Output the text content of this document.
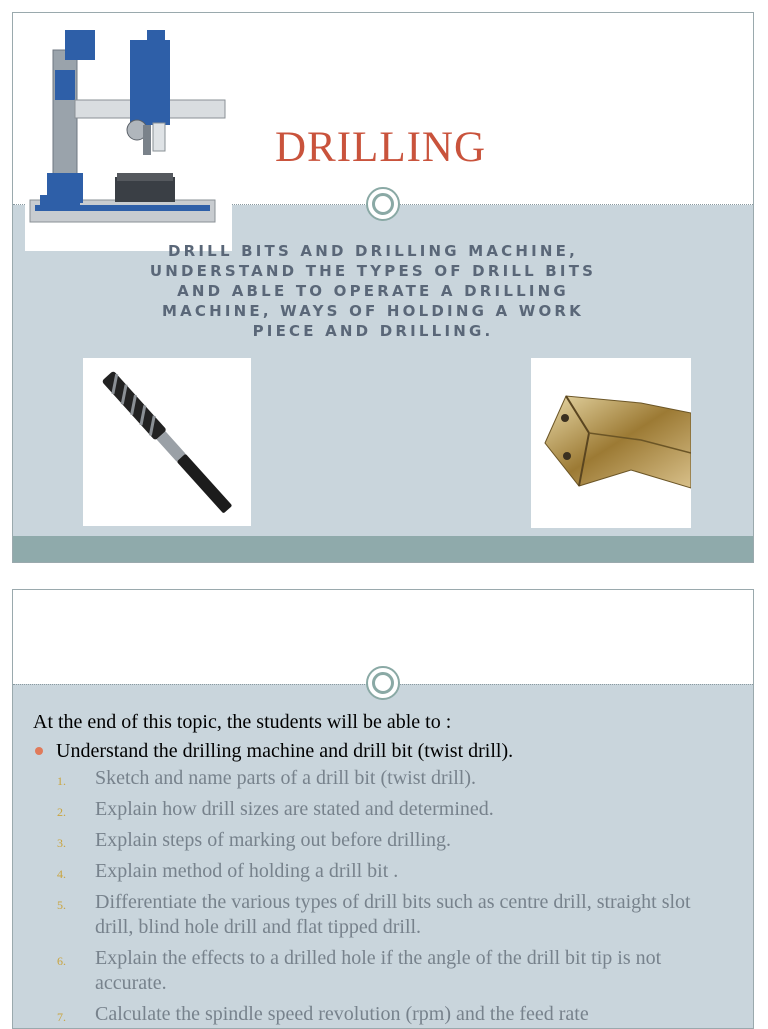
DRILLING
DRILL BITS AND DRILLING MACHINE,
UNDERSTAND THE TYPES OF DRILL BITS
AND ABLE TO OPERATE A DRILLING
MACHINE, WAYS OF HOLDING A WORK
PIECE AND DRILLING.
At the end of this topic, the students will be able to :
Understand the drilling machine and drill bit (twist drill).
1. Sketch and name parts of a drill bit (twist drill).
2. Explain how drill sizes are stated and determined.
3. Explain steps of marking out before drilling.
4. Explain method of holding a drill bit .
5. Differentiate the various types of drill bits such as centre drill, straight slot drill, blind hole drill and flat tipped drill.
6. Explain the effects to a drilled hole if the angle of the drill bit tip is not accurate.
7. Calculate the spindle speed revolution (rpm) and the feed rate
